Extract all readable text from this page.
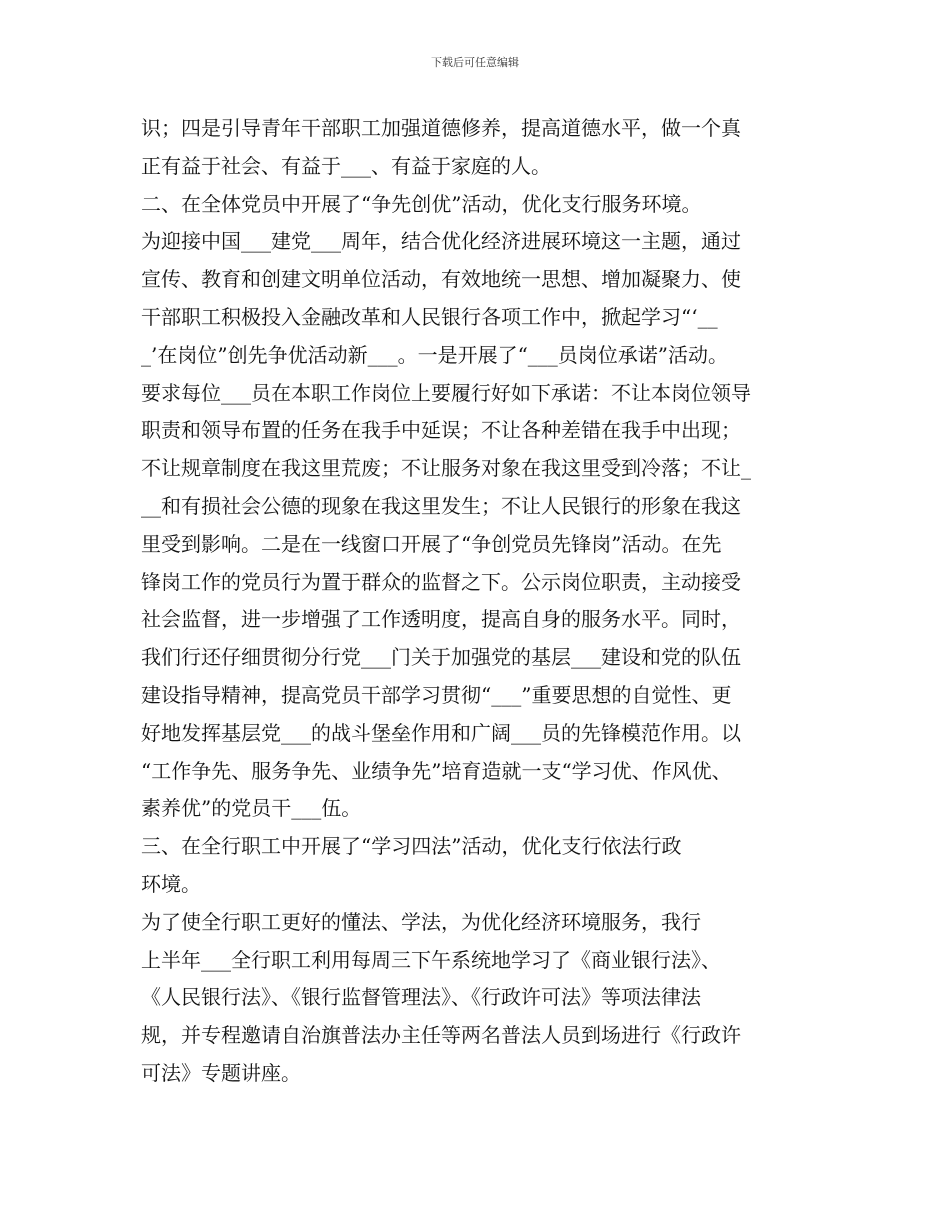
下载后可任意编辑
识；四是引导青年干部职工加强道德修养，提高道德水平，做一个真
正有益于社会、有益于___、有益于家庭的人。
二、在全体党员中开展了“争先创优”活动，优化支行服务环境。
为迎接中国___建党___周年，结合优化经济进展环境这一主题，通过
宣传、教育和创建文明单位活动，有效地统一思想、增加凝聚力、使
干部职工积极投入金融改革和人民银行各项工作中，掀起学习“‘__
_’在岗位”创先争优活动新___。一是开展了“___员岗位承诺”活动。
要求每位___员在本职工作岗位上要履行好如下承诺：不让本岗位领导
职责和领导布置的任务在我手中延误；不让各种差错在我手中出现；
不让规章制度在我这里荒废；不让服务对象在我这里受到冷落；不让_
__和有损社会公德的现象在我这里发生；不让人民银行的形象在我这
里受到影响。二是在一线窗口开展了“争创党员先锋岗”活动。在先
锋岗工作的党员行为置于群众的监督之下。公示岗位职责，主动接受
社会监督，进一步增强了工作透明度，提高自身的服务水平。同时，
我们行还仔细贯彻分行党___门关于加强党的基层___建设和党的队伍
建设指导精神，提高党员干部学习贯彻“___”重要思想的自觉性、更
好地发挥基层党___的战斗堡垒作用和广阔___员的先锋模范作用。以
“工作争先、服务争先、业绩争先”培育造就一支“学习优、作风优、
素养优”的党员干___伍。
三、在全行职工中开展了“学习四法”活动，优化支行依法行政
环境。
为了使全行职工更好的懂法、学法，为优化经济环境服务，我行
上半年___全行职工利用每周三下午系统地学习了《商业银行法》、
《人民银行法》、《银行监督管理法》、《行政许可法》等项法律法
规，并专程邀请自治旗普法办主任等两名普法人员到场进行《行政许
可法》专题讲座。
